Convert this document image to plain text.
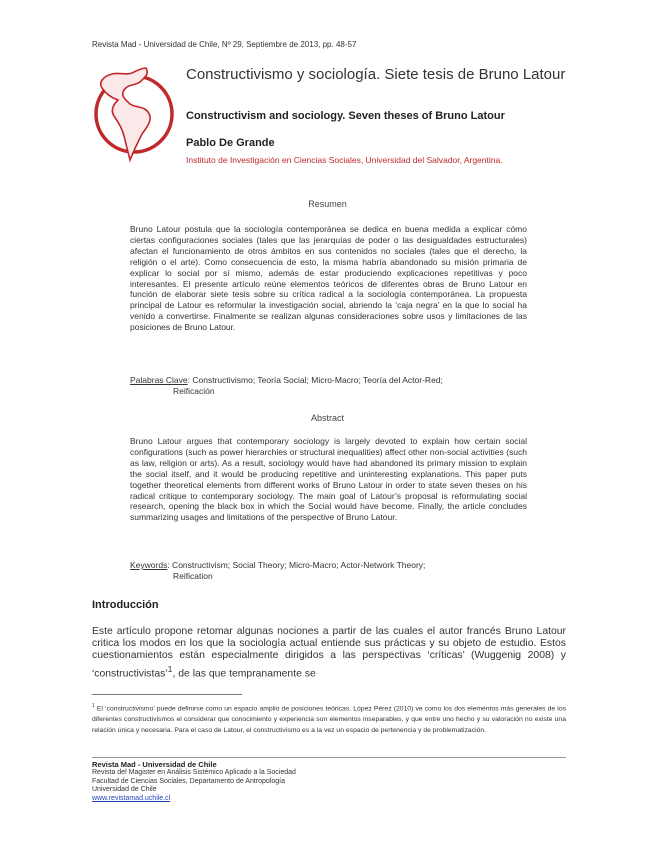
Revista Mad - Universidad de Chile, Nº 29, Septiembre de 2013, pp. 48-57
Constructivismo y sociología. Siete tesis de Bruno Latour
Constructivism and sociology. Seven theses of Bruno Latour
Pablo De Grande
Instituto de Investigación en Ciencias Sociales, Universidad del Salvador, Argentina.
Resumen
Bruno Latour postula que la sociología contemporánea se dedica en buena medida a explicar cómo ciertas configuraciones sociales (tales que las jerarquías de poder o las desigualdades estructurales) afectan el funcionamiento de otros ámbitos en sus contenidos no sociales (tales que el derecho, la religión o el arte). Como consecuencia de esto, la misma habría abandonado su misión primaria de explicar lo social por sí mismo, además de estar produciendo explicaciones repetitivas y poco interesantes. El presente artículo reúne elementos teóricos de diferentes obras de Bruno Latour en función de elaborar siete tesis sobre su crítica radical a la sociología contemporánea. La propuesta principal de Latour es reformular la investigación social, abriendo la ‘caja negra’ en la que lo social ha venido a convertirse. Finalmente se realizan algunas consideraciones sobre usos y limitaciones de las posiciones de Bruno Latour.
Palabras Clave: Constructivismo; Teoría Social; Micro-Macro; Teoría del Actor-Red;
Reificación
Abstract
Bruno Latour argues that contemporary sociology is largely devoted to explain how certain social configurations (such as power hierarchies or structural inequalities) affect other non-social activities (such as law, religion or arts). As a result, sociology would have had abandoned its primary mission to explain the social itself, and it would be producing repetitive and uninteresting explanations. This paper puts together theoretical elements from different works of Bruno Latour in order to state seven theses on his radical critique to contemporary sociology. The main goal of Latour’s proposal is reformulating social research, opening the black box in which the Social would have become. Finally, the article concludes summarizing usages and limitations of the perspective of Bruno Latour.
Keywords: Constructivism; Social Theory; Micro-Macro; Actor-Network Theory;
Reification
Introducción
Este artículo propone retomar algunas nociones a partir de las cuales el autor francés Bruno Latour critica los modos en los que la sociología actual entiende sus prácticas y su objeto de estudio. Estos cuestionamientos están especialmente dirigidos a las perspectivas ‘críticas’ (Wuggenig 2008) y ‘constructivistas’$^1$, de las que tempranamente se
$^1$ El ‘constructivismo’ puede definirse como un espacio amplio de posiciones teóricas. López Pérez (2010) ve como los dos elementos más generales de los diferentes constructivismos el considerar que conocimiento y experiencia son elementos inseparables, y que entre uno hecho y su valoración no existe una relación única y necesaria. Para el caso de Latour, el constructivismo es a la vez un espacio de pertenencia y de problematización.
Revista Mad - Universidad de Chile
Revista del Magister en Análisis Sistémico Aplicado a la Sociedad
Facultad de Ciencias Sociales, Departamento de Antropología
Universidad de Chile
www.revistamad.uchile.cl
